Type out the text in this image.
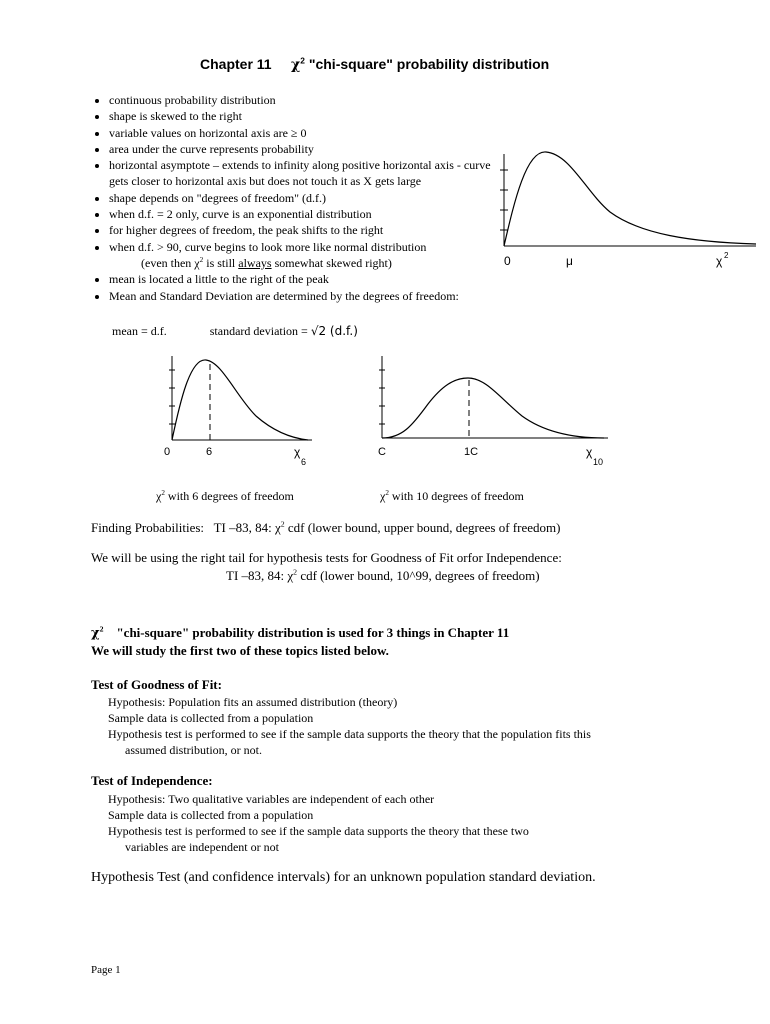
Chapter 11 $\chi^2$ "chi-square" probability distribution
• continuous probability distribution
• shape is skewed to the right
• variable values on horizontal axis are ≥ 0
• area under the curve represents probability
• horizontal asymptote – extends to infinity along positive horizontal axis - curve gets closer to horizontal axis but does not touch it as X gets large
• shape depends on "degrees of freedom" (d.f.)
• when d.f. = 2 only, curve is an exponential distribution
• for higher degrees of freedom, the peak shifts to the right
• when d.f. > 90, curve begins to look more like normal distribution
(even then $\chi^2$ is still always somewhat skewed right)
• mean is located a little to the right of the peak
• Mean and Standard Deviation are determined by the degrees of freedom:
mean = d.f.	standard deviation = √2 (d.f.)
0	μ	χ 2
0	6	χ
6
C	1C	χ
10
$\chi^2$ with 6 degrees of freedom	$\chi^2$ with 10 degrees of freedom
Finding Probabilities: TI –83, 84: $\chi^2$ cdf (lower bound, upper bound, degrees of freedom)
We will be using the right tail for hypothesis tests for Goodness of Fit orfor Independence:
TI –83, 84: $\chi^2$ cdf (lower bound, 10^99, degrees of freedom)
$\chi^2$ "chi-square" probability distribution is used for 3 things in Chapter 11
We will study the first two of these topics listed below.
Test of Goodness of Fit:
Hypothesis: Population fits an assumed distribution (theory)
Sample data is collected from a population
Hypothesis test is performed to see if the sample data supports the theory that the population fits this
assumed distribution, or not.
Test of Independence:
Hypothesis: Two qualitative variables are independent of each other
Sample data is collected from a population
Hypothesis test is performed to see if the sample data supports the theory that these two
variables are independent or not
Hypothesis Test (and confidence intervals) for an unknown population standard deviation.
Page 1
